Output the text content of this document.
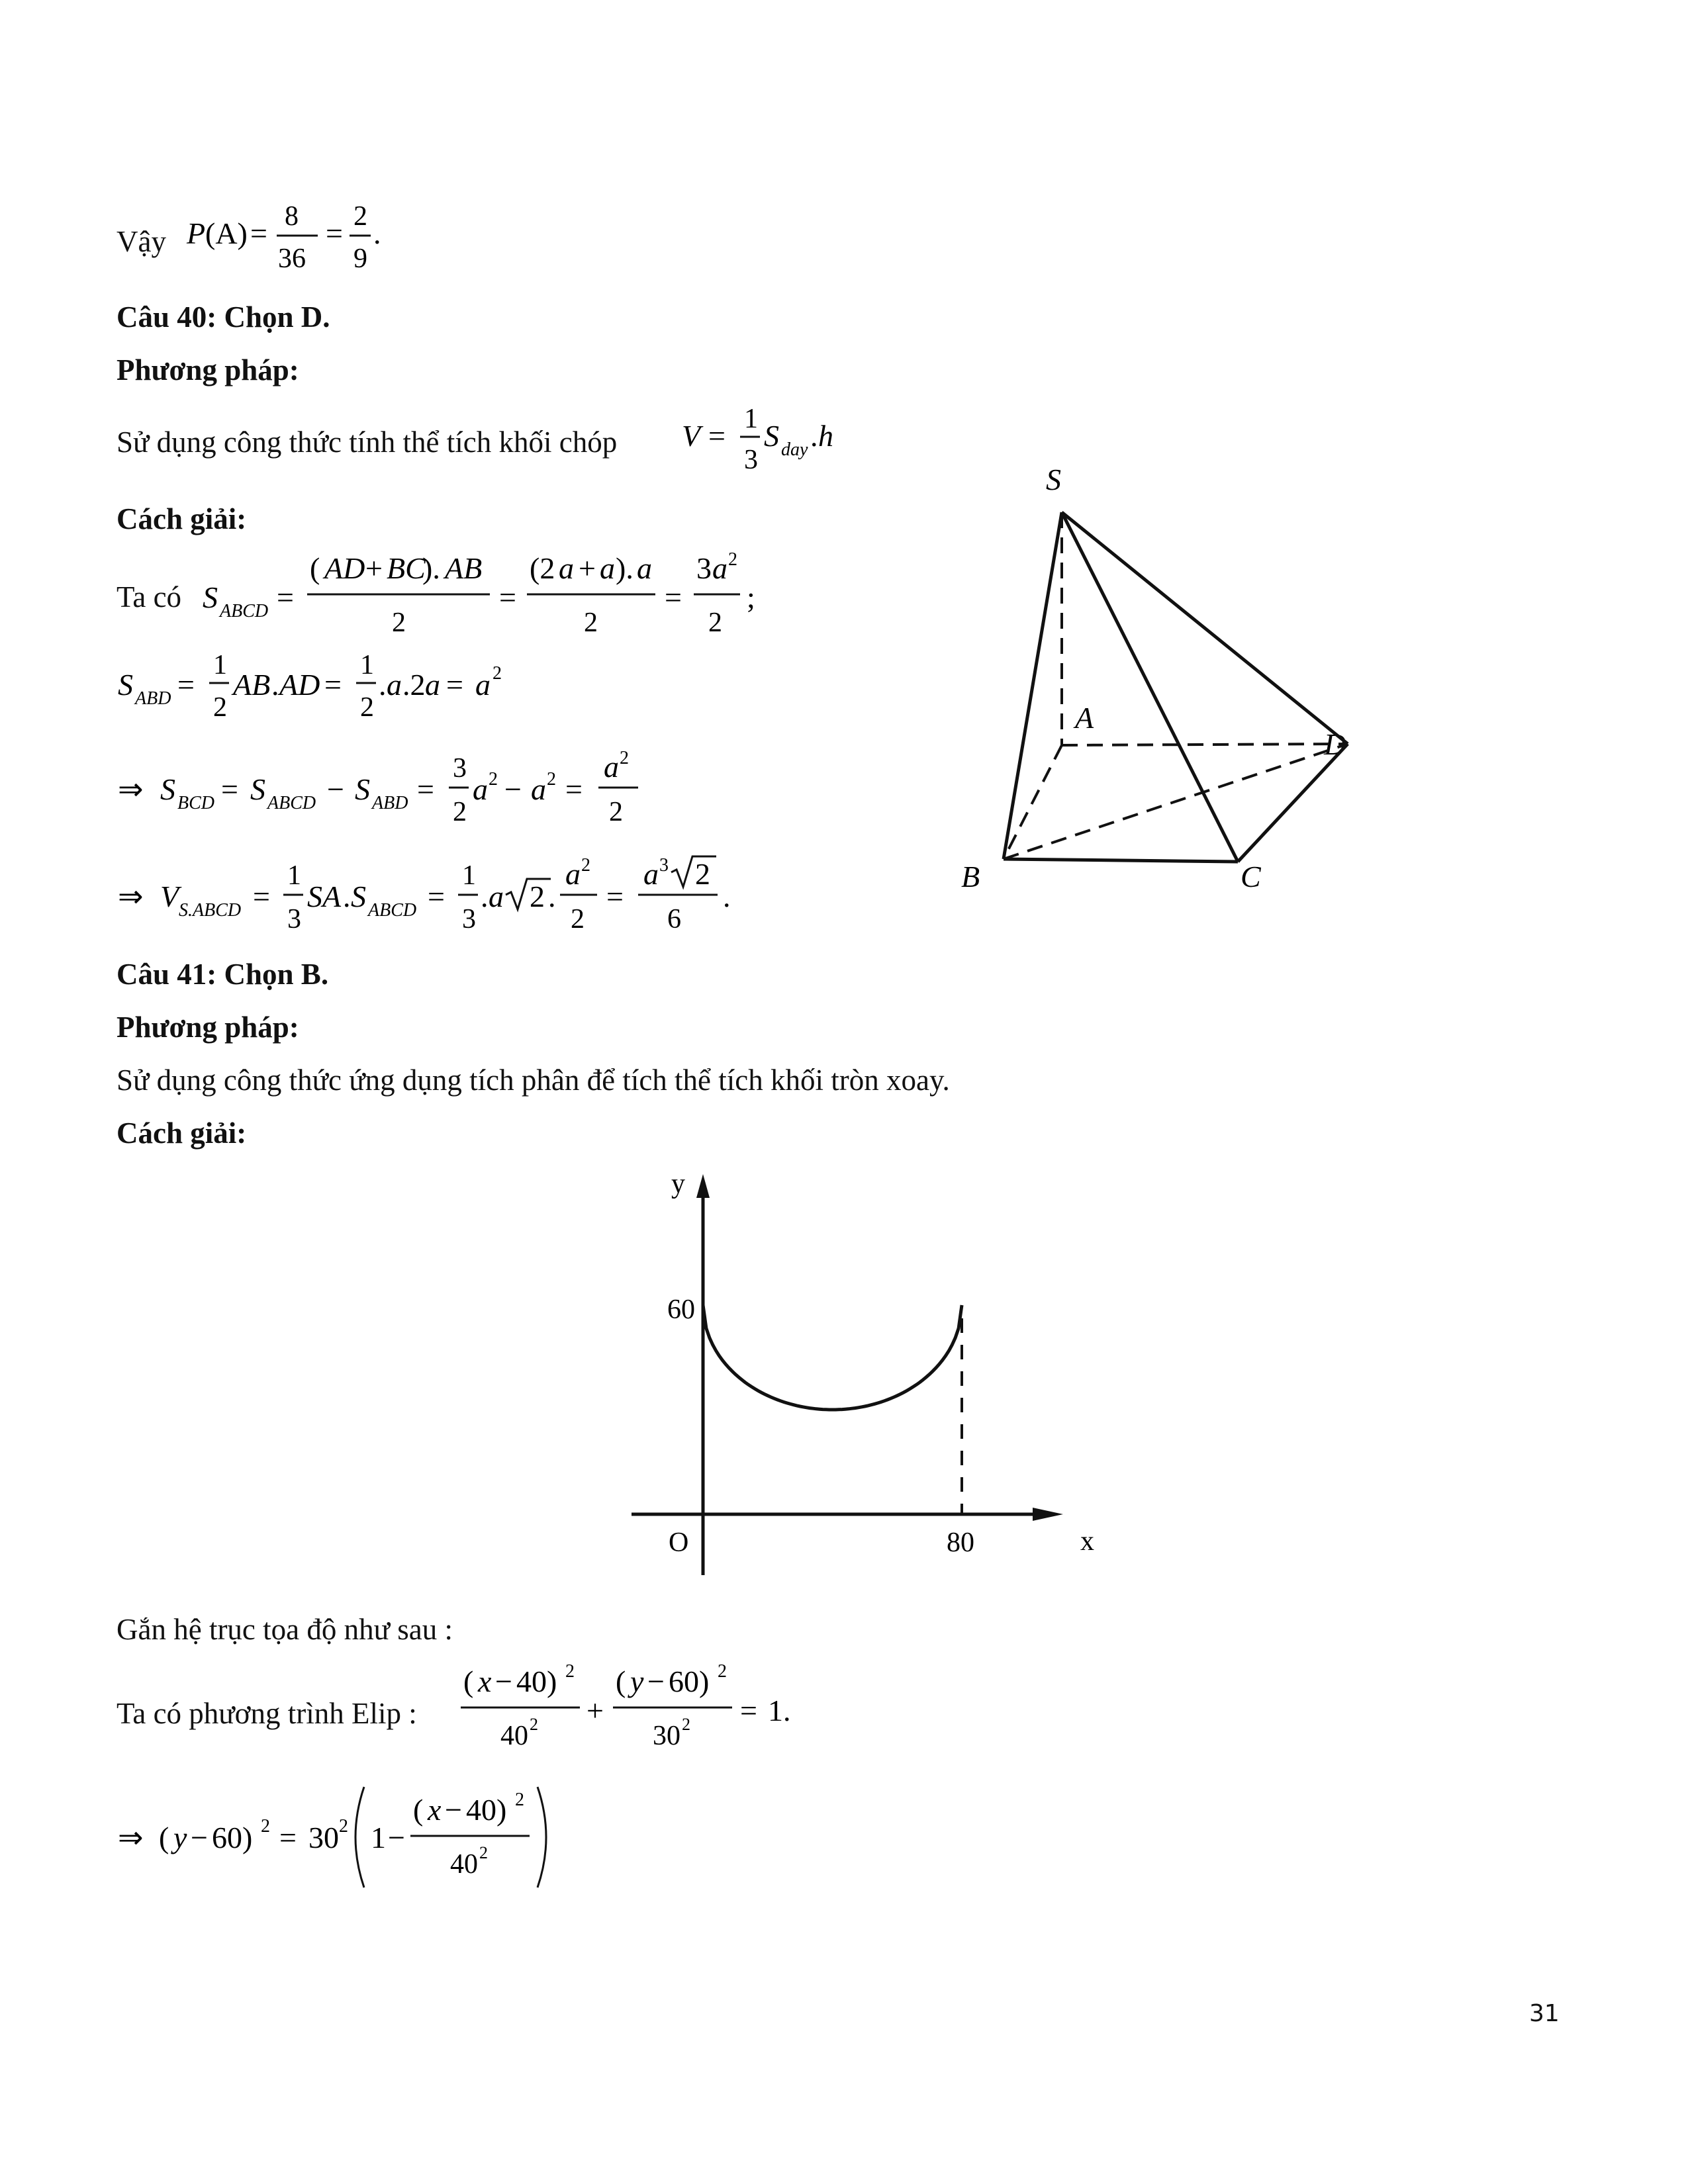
Vậy P (A) = 8
36
= 2
9
.
Câu 40: Chọn D.
Phương pháp:
Sử dụng công thức tính thể tích khối chóp V = 1
3
S day . h
Cách giải:
Ta có S ABCD =
( AD + BC
). AB
2
=
(2 a + a ). a
2
=
3 a 2
2
;
S ABD =
1
2
AB . AD =
1
2
. a .2 a = a 2
⇒ S BCD = S ABCD − S ABD =
3
2
a 2 − a 2 =
a 2
2
⇒ V S.ABCD =
1
3
SA . S ABCD =
1
3
. a 2 .
a 2
2
=
a 3 2
6
.
S
A
D
B	C
Câu 41: Chọn B.
Phương pháp:
Sử dụng công thức ứng dụng tích phân để tích thể tích khối tròn xoay.
Cách giải:
y
x
60
O	80
Gắn hệ trục tọa độ như sau :
Ta có phương trình Elip :
( x − 40) 2
40 2 +
( y − 60) 2
30 2 = 1.
⇒ ( y − 60) 2 = 30 2 1 −
( x − 40) 2
40 2
31
